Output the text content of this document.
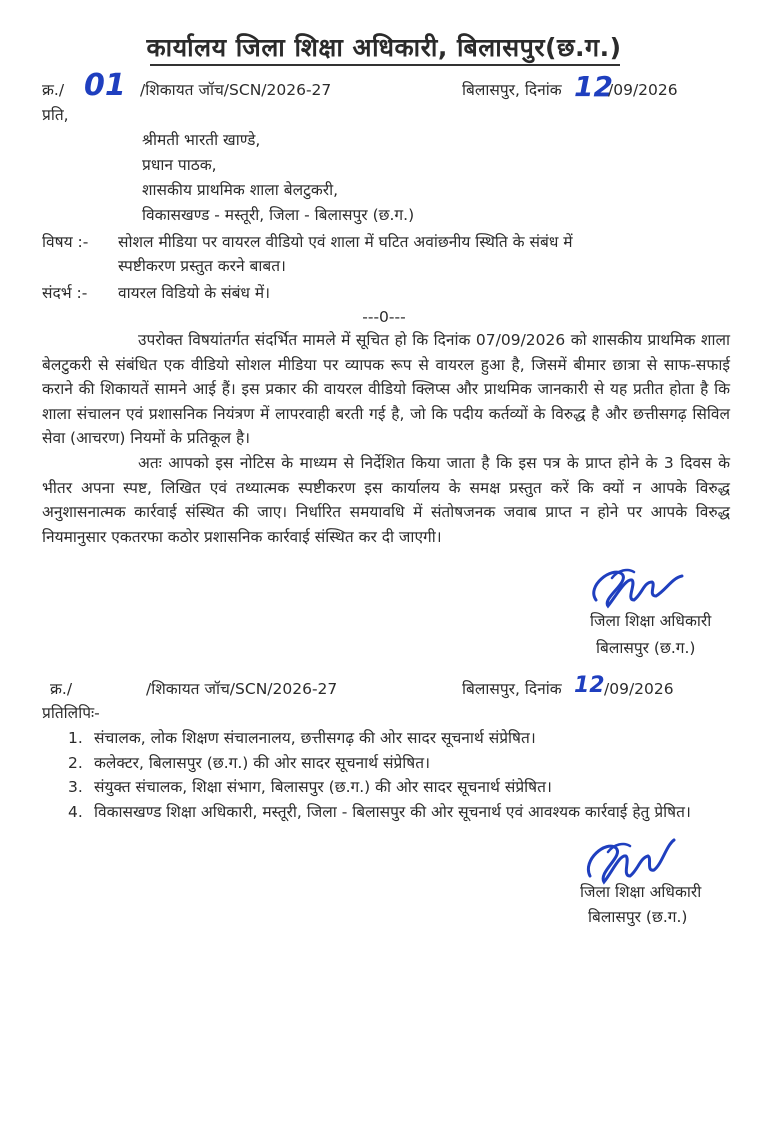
कार्यालय जिला शिक्षा अधिकारी, बिलासपुर(छ.ग.)
क्र./ 01 /शिकायत जॉच/SCN/2026-27	बिलासपुर, दिनांक 12
/09/2026
प्रति,
श्रीमती भारती खाण्डे,
प्रधान पाठक,
शासकीय प्राथमिक शाला बेलटुकरी,
विकासखण्ड - मस्तूरी, जिला - बिलासपुर (छ.ग.)
विषय :- सोशल मीडिया पर वायरल वीडियो एवं शाला में घटित अवांछनीय स्थिति के संबंध में
स्पष्टीकरण प्रस्तुत करने बाबत।
संदर्भ :- वायरल विडियो के संबंध में।
---0---
उपरोक्त विषयांतर्गत संदर्भित मामले में सूचित हो कि दिनांक 07/09/2026 को शासकीय प्राथमिक शाला बेलटुकरी से संबंधित एक वीडियो सोशल मीडिया पर व्यापक रूप से वायरल हुआ है, जिसमें बीमार छात्रा से साफ-सफाई कराने की शिकायतें सामने आई हैं। इस प्रकार की वायरल वीडियो क्लिप्स और प्राथमिक जानकारी से यह प्रतीत होता है कि शाला संचालन एवं प्रशासनिक नियंत्रण में लापरवाही बरती गई है, जो कि पदीय कर्तव्यों के विरुद्ध है और छत्तीसगढ़ सिविल सेवा (आचरण) नियमों के प्रतिकूल है।
अतः आपको इस नोटिस के माध्यम से निर्देशित किया जाता है कि इस पत्र के प्राप्त होने के 3 दिवस के भीतर अपना स्पष्ट, लिखित एवं तथ्यात्मक स्पष्टीकरण इस कार्यालय के समक्ष प्रस्तुत करें कि क्यों न आपके विरुद्ध अनुशासनात्मक कार्रवाई संस्थित की जाए। निर्धारित समयावधि में संतोषजनक जवाब प्राप्त न होने पर आपके विरुद्ध नियमानुसार एकतरफा कठोर प्रशासनिक कार्रवाई संस्थित कर दी जाएगी।
जिला शिक्षा अधिकारी
बिलासपुर (छ.ग.)
क्र./	/शिकायत जॉच/SCN/2026-27	बिलासपुर, दिनांक 12 /09/2026
प्रतिलिपिः-
1. संचालक, लोक शिक्षण संचालनालय, छत्तीसगढ़ की ओर सादर सूचनार्थ संप्रेषित।
2. कलेक्टर, बिलासपुर (छ.ग.) की ओर सादर सूचनार्थ संप्रेषित।
3. संयुक्त संचालक, शिक्षा संभाग, बिलासपुर (छ.ग.) की ओर सादर सूचनार्थ संप्रेषित।
4. विकासखण्ड शिक्षा अधिकारी, मस्तूरी, जिला - बिलासपुर की ओर सूचनार्थ एवं आवश्यक कार्रवाई हेतु प्रेषित।
जिला शिक्षा अधिकारी
बिलासपुर (छ.ग.)
